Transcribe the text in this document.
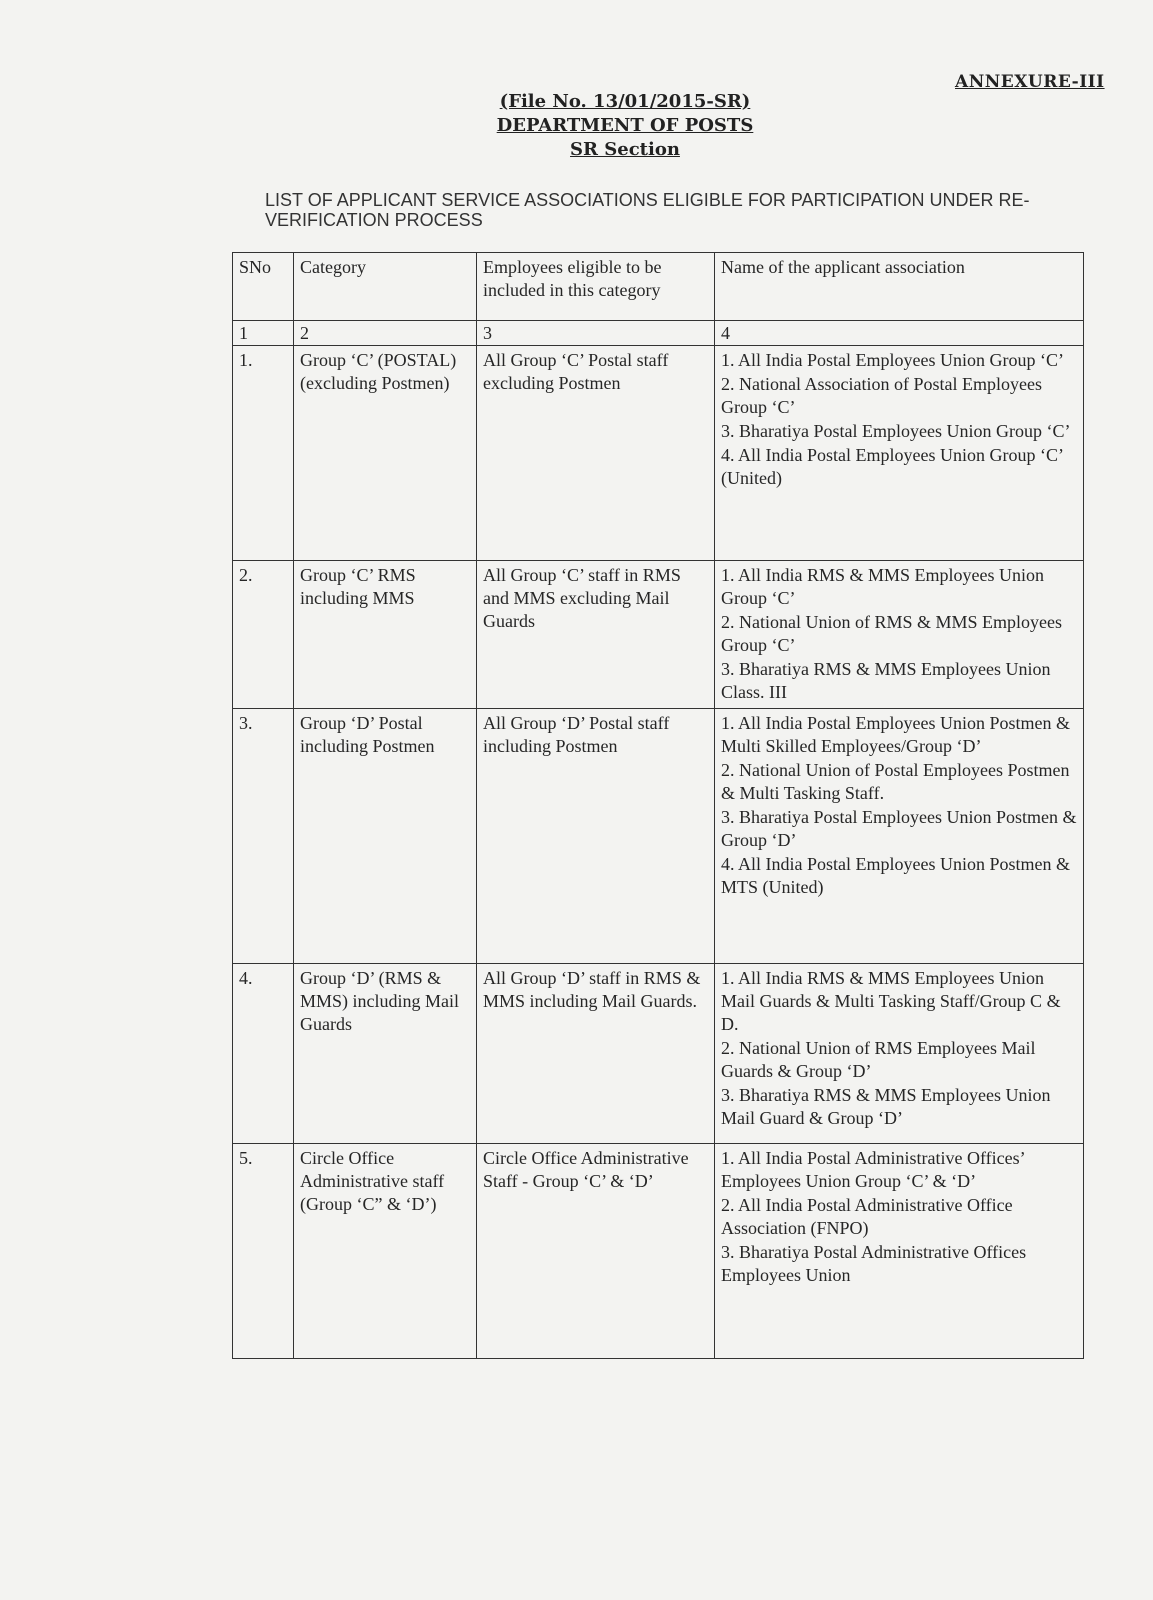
ANNEXURE-III
(File No. 13/01/2015-SR)
DEPARTMENT OF POSTS
SR Section
LIST OF APPLICANT SERVICE ASSOCIATIONS ELIGIBLE FOR PARTICIPATION UNDER RE-VERIFICATION PROCESS
SNo	Category	Employees eligible to be included in this category	Name of the applicant association
1	2	3	4
1.	Group ‘C’ (POSTAL) (excluding Postmen)	All Group ‘C’ Postal staff excluding Postmen	1. All India Postal Employees Union Group ‘C’
2. National Association of Postal Employees Group ‘C’
3. Bharatiya Postal Employees Union Group ‘C’
4. All India Postal Employees Union Group ‘C’ (United)

2.	Group ‘C’ RMS including MMS	All Group ‘C’ staff in RMS and MMS excluding Mail Guards	1. All India RMS & MMS Employees Union Group ‘C’
2. National Union of RMS & MMS Employees Group ‘C’
3. Bharatiya RMS & MMS Employees Union Class. III

3.	Group ‘D’ Postal including Postmen	All Group ‘D’ Postal staff including Postmen	1. All India Postal Employees Union Postmen & Multi Skilled Employees/Group ‘D’
2. National Union of Postal Employees Postmen & Multi Tasking Staff.
3. Bharatiya Postal Employees Union Postmen & Group ‘D’
4. All India Postal Employees Union Postmen & MTS (United)

4.	Group ‘D’ (RMS & MMS) including Mail Guards	All Group ‘D’ staff in RMS & MMS including Mail Guards.	1. All India RMS & MMS Employees Union Mail Guards & Multi Tasking Staff/Group C & D.
2. National Union of RMS Employees Mail Guards & Group ‘D’
3. Bharatiya RMS & MMS Employees Union Mail Guard & Group ‘D’

5.	Circle Office Administrative staff (Group ‘C” & ‘D’)	Circle Office Administrative Staff - Group ‘C’ & ‘D’	1. All India Postal Administrative Offices’ Employees Union Group ‘C’ & ‘D’
2. All India Postal Administrative Office Association (FNPO)
3. Bharatiya Postal Administrative Offices Employees Union
